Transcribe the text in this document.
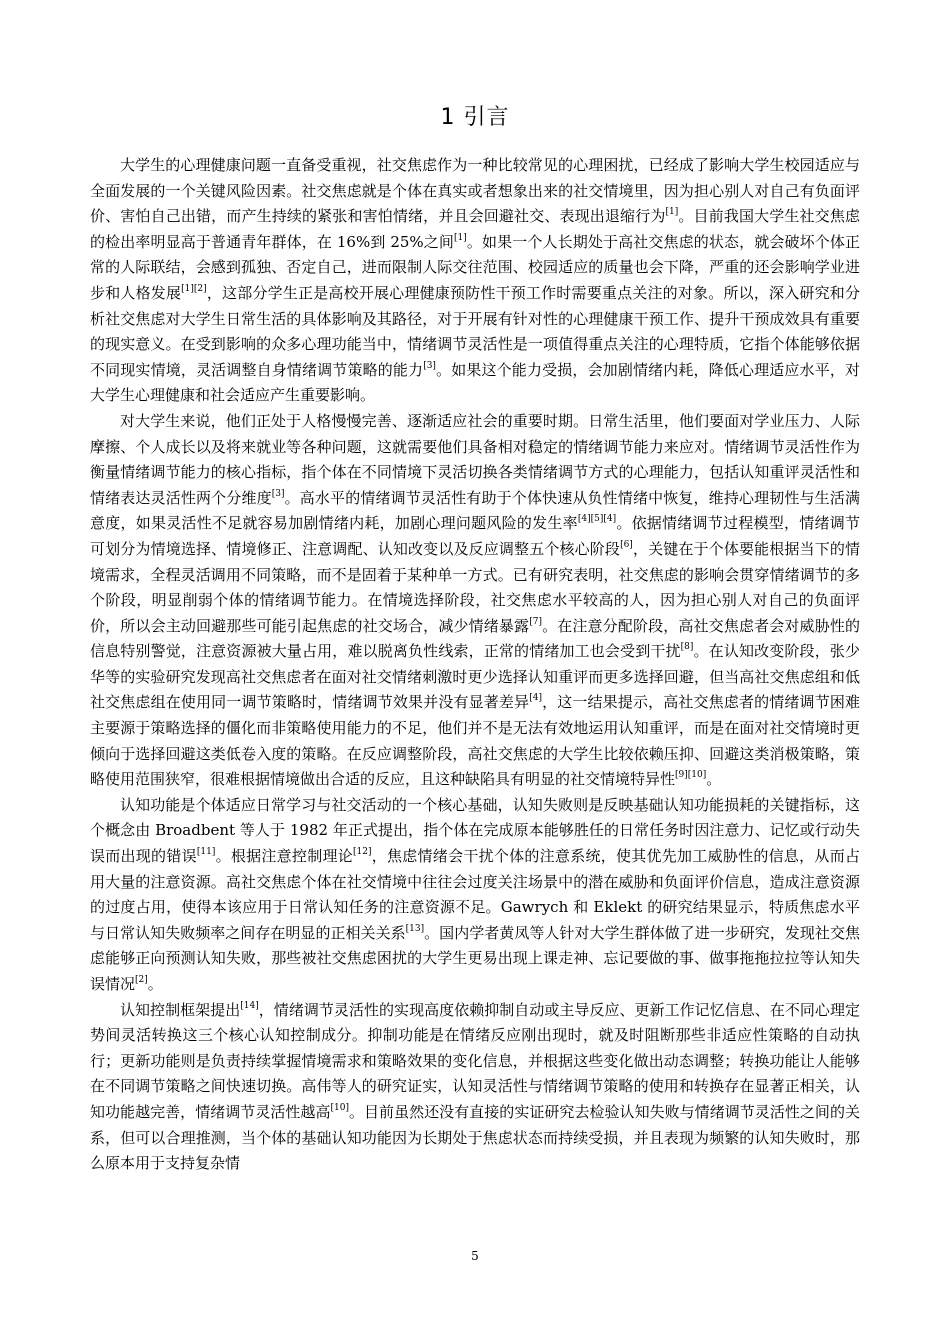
1 引言

大学生的心理健康问题一直备受重视，社交焦虑作为一种比较常见的心理困扰，已经成了影响大学生校园适应与全面发展的一个关键风险因素。社交焦虑就是个体在真实或者想象出来的社交情境里，因为担心别人对自己有负面评价、害怕自己出错，而产生持续的紧张和害怕情绪，并且会回避社交、表现出退缩行为[1]。目前我国大学生社交焦虑的检出率明显高于普通青年群体，在 16%到 25%之间[1]。如果一个人长期处于高社交焦虑的状态，就会破坏个体正常的人际联结，会感到孤独、否定自己，进而限制人际交往范围、校园适应的质量也会下降，严重的还会影响学业进步和人格发展[1][2]，这部分学生正是高校开展心理健康预防性干预工作时需要重点关注的对象。所以，深入研究和分析社交焦虑对大学生日常生活的具体影响及其路径，对于开展有针对性的心理健康干预工作、提升干预成效具有重要的现实意义。在受到影响的众多心理功能当中，情绪调节灵活性是一项值得重点关注的心理特质，它指个体能够依据不同现实情境，灵活调整自身情绪调节策略的能力[3]。如果这个能力受损，会加剧情绪内耗，降低心理适应水平，对大学生心理健康和社会适应产生重要影响。

对大学生来说，他们正处于人格慢慢完善、逐渐适应社会的重要时期。日常生活里，他们要面对学业压力、人际摩擦、个人成长以及将来就业等各种问题，这就需要他们具备相对稳定的情绪调节能力来应对。情绪调节灵活性作为衡量情绪调节能力的核心指标，指个体在不同情境下灵活切换各类情绪调节方式的心理能力，包括认知重评灵活性和情绪表达灵活性两个分维度[3]。高水平的情绪调节灵活性有助于个体快速从负性情绪中恢复，维持心理韧性与生活满意度，如果灵活性不足就容易加剧情绪内耗，加剧心理问题风险的发生率[4][5][4]。依据情绪调节过程模型，情绪调节可划分为情境选择、情境修正、注意调配、认知改变以及反应调整五个核心阶段[6]，关键在于个体要能根据当下的情境需求，全程灵活调用不同策略，而不是固着于某种单一方式。已有研究表明，社交焦虑的影响会贯穿情绪调节的多个阶段，明显削弱个体的情绪调节能力。在情境选择阶段，社交焦虑水平较高的人，因为担心别人对自己的负面评价，所以会主动回避那些可能引起焦虑的社交场合，减少情绪暴露[7]。在注意分配阶段，高社交焦虑者会对威胁性的信息特别警觉，注意资源被大量占用，难以脱离负性线索，正常的情绪加工也会受到干扰[8]。在认知改变阶段，张少华等的实验研究发现高社交焦虑者在面对社交情绪刺激时更少选择认知重评而更多选择回避，但当高社交焦虑组和低社交焦虑组在使用同一调节策略时，情绪调节效果并没有显著差异[4]，这一结果提示，高社交焦虑者的情绪调节困难主要源于策略选择的僵化而非策略使用能力的不足，他们并不是无法有效地运用认知重评，而是在面对社交情境时更倾向于选择回避这类低卷入度的策略。在反应调整阶段，高社交焦虑的大学生比较依赖压抑、回避这类消极策略，策略使用范围狭窄，很难根据情境做出合适的反应，且这种缺陷具有明显的社交情境特异性[9][10]。

认知功能是个体适应日常学习与社交活动的一个核心基础，认知失败则是反映基础认知功能损耗的关键指标，这个概念由 Broadbent 等人于 1982 年正式提出，指个体在完成原本能够胜任的日常任务时因注意力、记忆或行动失误而出现的错误[11]。根据注意控制理论[12]，焦虑情绪会干扰个体的注意系统，使其优先加工威胁性的信息，从而占用大量的注意资源。高社交焦虑个体在社交情境中往往会过度关注场景中的潜在威胁和负面评价信息，造成注意资源的过度占用，使得本该应用于日常认知任务的注意资源不足。Gawrych 和 Eklekt 的研究结果显示，特质焦虑水平与日常认知失败频率之间存在明显的正相关关系[13]。国内学者黄凤等人针对大学生群体做了进一步研究，发现社交焦虑能够正向预测认知失败，那些被社交焦虑困扰的大学生更易出现上课走神、忘记要做的事、做事拖拖拉拉等认知失误情况[2]。

认知控制框架提出[14]，情绪调节灵活性的实现高度依赖抑制自动或主导反应、更新工作记忆信息、在不同心理定势间灵活转换这三个核心认知控制成分。抑制功能是在情绪反应刚出现时，就及时阻断那些非适应性策略的自动执行；更新功能则是负责持续掌握情境需求和策略效果的变化信息，并根据这些变化做出动态调整；转换功能让人能够在不同调节策略之间快速切换。高伟等人的研究证实，认知灵活性与情绪调节策略的使用和转换存在显著正相关，认知功能越完善，情绪调节灵活性越高[10]。目前虽然还没有直接的实证研究去检验认知失败与情绪调节灵活性之间的关系，但可以合理推测，当个体的基础认知功能因为长期处于焦虑状态而持续受损，并且表现为频繁的认知失败时，那么原本用于支持复杂情

5
